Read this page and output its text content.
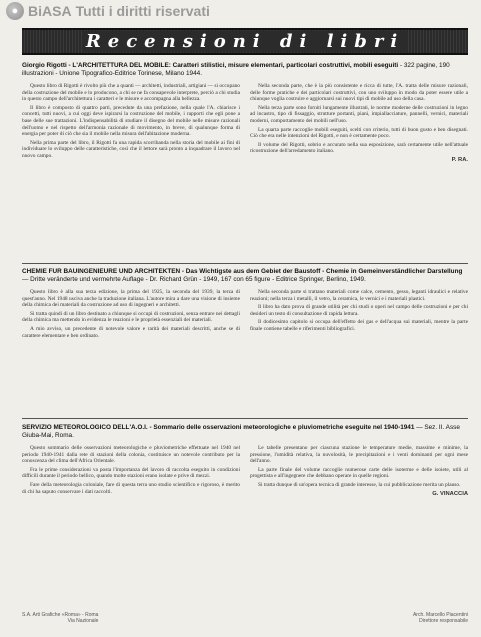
● BiASA Tutti i diritti riservati
Recensioni di libri
Giorgio Rigotti - L'ARCHITETTURA DEL MOBILE: Caratteri stilistici, misure elementari, particolari costruttivi, mobili eseguiti - 322 pagine, 190 illustrazioni - Unione Tipografico-Editrice Torinese, Milano 1944.

Questo libro di Rigotti è rivolto più che a quanti — architetti, industriali, artigiani — si occupano della costruzione del mobile e lo producono, a chi se ne fa consapevole interprete, perciò a chi studia in questo campo dell'architettura i caratteri e le misure e accompagna alla bellezza.

Il libro è composto di quattro parti, precedute da una prefazione, nella quale l'A. chiarisce i concetti, tutti nuovi, a cui oggi deve ispirarsi la costruzione del mobile, i rapporti che egli pone a base delle sue trattazioni. L'indispensabilità di studiare il disegno del mobile nelle misure razionali dell'uomo e nel rispetto dell'armonia razionale di movimento, in breve, di qualunque forma di energia per poter di ciò che sia il mobile nella misura dell'abitazione moderna.

Nella prima parte del libro, il Rigotti fa una rapida scorribanda nella storia del mobile ai fini di individuare lo sviluppo delle caratteristiche, così che il lettore sarà pronto a inquadrare il lavoro nel nuovo campo.

Nella seconda parte, che è la più consistente e ricca di tutte, l'A. tratta delle misure razionali, delle forme pratiche e dei particolari costruttivi, con uno sviluppo in modo da poter essere utile a chiunque voglia costruire e aggiornarsi sui nuovi tipi di mobile ad uso della casa.

Nella terza parte sono forniti lungamente illustrati, le norme moderne delle costruzioni in legno ad incastro, tipo di fissaggio, strutture portanti, piani, impiallacciature, pannelli, vernici, materiali moderni, comportamento dei mobili nell'uso.

La quarta parte raccoglie mobili eseguiti, scelti con criterio, tutti di buon gusto e ben disegnati. Ciò che era nelle intenzioni del Rigotti, e non è certamente poco.

Il volume del Rigotti, sobrio e accurato nella sua esposizione, sarà certamente utile nell'attuale ricostruzione dell'arredamento italiano.

P. RA.
CHEMIE FUR BAUINGENIEURE UND ARCHITEKTEN - Das Wichtigste aus dem Gebiet der Baustoff - Chemie in Gemeinverständlicher Darstellung — Dritte veränderte und vermehrte Auflage - Dr. Richard Grün - 1949, 167 con 65 figure - Editrice Springer, Berlino, 1949.

Questo libro è alla sua terza edizione, la prima del 1925, la seconda del 1939, la terza di quest'anno. Nel 1948 usciva anche la traduzione italiana. L'autore mira a dare una visione di insieme della chimica dei materiali da costruzione ad uso di ingegneri e architetti.

Si tratta quindi di un libro destinato a chiunque si occupi di costruzioni, senza entrare nei dettagli della chimica ma mettendo in evidenza le reazioni e le proprietà essenziali dei materiali.

A mio avviso, un precedente di notevole valore e rarità dei materiali descritti, anche se di carattere elementare e ben ordinato.

Nella seconda parte si trattano materiali come calce, cemento, gesso, leganti idraulici e relative reazioni; nella terza i metalli, il vetro, la ceramica, le vernici e i materiali plastici.

Il libro ha dato prova di grande utilità per chi studi o operi nel campo delle costruzioni e per chi desideri un testo di consultazione di rapida lettura.

Il dodicesimo capitolo si occupa dell'effetto dei gas e dell'acqua sui materiali, mentre la parte finale contiene tabelle e riferimenti bibliografici.

SERVIZIO METEOROLOGICO DELL'A.O.I. - Sommario delle osservazioni meteorologiche e pluviometriche eseguite nel 1940-1941 — Sez. II. Asse Giuba-Mai, Roma.

Questo sommario delle osservazioni meteorologiche e pluviometriche effettuate nel 1940 nel periodo 1940-1941 dalla rete di stazioni della colonia, costituisce un notevole contributo per la conoscenza del clima dell'Africa Orientale.

Fra le prime considerazioni va posta l'importanza del lavoro di raccolta eseguito in condizioni difficili durante il periodo bellico, quando molte stazioni erano isolate e prive di mezzi.

Fare della meteorologia coloniale, fare di questa terra uno studio scientifico e rigoroso, è merito di chi ha saputo conservare i dati raccolti.

Le tabelle presentano per ciascuna stazione le temperature medie, massime e minime, la pressione, l'umidità relativa, la nuvolosità, le precipitazioni e i venti dominanti per ogni mese dell'anno.

La parte finale del volume raccoglie numerose carte delle isoterme e delle isoiete, utili al progettista e all'ingegnere che debbano operare in quelle regioni.

Si tratta dunque di un'opera tecnica di grande interesse, la cui pubblicazione merita un plauso.

G. VINACCIA
S.A. Arti Grafiche «Roma» - Roma
Via Nazionale
Arch. Marcello Piacentini
Direttore responsabile
